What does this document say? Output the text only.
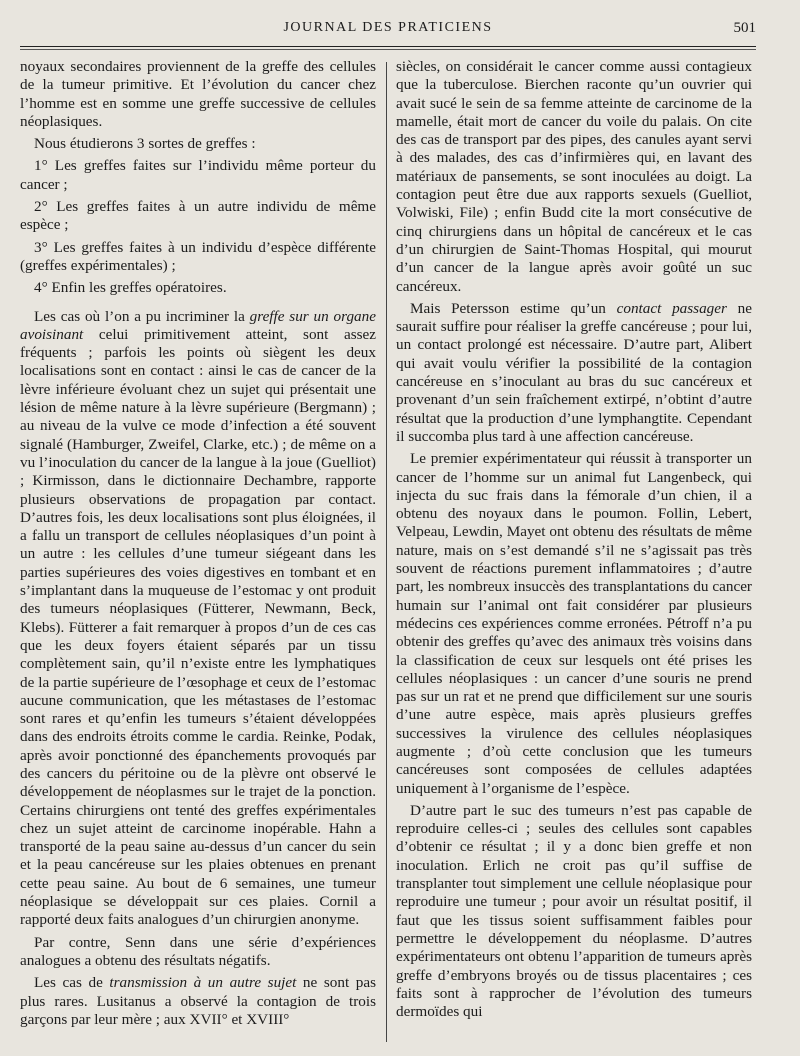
JOURNAL DES PRATICIENS	501

noyaux secondaires proviennent de la greffe des cellules de la tumeur primitive. Et l’évolution du cancer chez l’homme est en somme une greffe successive de cellules néoplasiques.

Nous étudierons 3 sortes de greffes :

1° Les greffes faites sur l’individu même porteur du cancer ;

2° Les greffes faites à un autre individu de même espèce ;

3° Les greffes faites à un individu d’espèce différente (greffes expérimentales) ;

4° Enfin les greffes opératoires.

Les cas où l’on a pu incriminer la greffe sur un organe avoisinant celui primitivement atteint, sont assez fréquents ; parfois les points où siègent les deux localisations sont en contact : ainsi le cas de cancer de la lèvre inférieure évoluant chez un sujet qui présentait une lésion de même nature à la lèvre supérieure (Bergmann) ; au niveau de la vulve ce mode d’infection a été souvent signalé (Hamburger, Zweifel, Clarke, etc.) ; de même on a vu l’inoculation du cancer de la langue à la joue (Guelliot) ; Kirmisson, dans le dictionnaire Dechambre, rapporte plusieurs observations de propagation par contact. D’autres fois, les deux localisations sont plus éloignées, il a fallu un transport de cellules néoplasiques d’un point à un autre : les cellules d’une tumeur siégeant dans les parties supérieures des voies digestives en tombant et en s’implantant dans la muqueuse de l’estomac y ont produit des tumeurs néoplasiques (Fütterer, Newmann, Beck, Klebs). Fütterer a fait remarquer à propos d’un de ces cas que les deux foyers étaient séparés par un tissu complètement sain, qu’il n’existe entre les lymphatiques de la partie supérieure de l’œsophage et ceux de l’estomac aucune communication, que les métastases de l’estomac sont rares et qu’enfin les tumeurs s’étaient développées dans des endroits étroits comme le cardia. Reinke, Podak, après avoir ponctionné des épanchements provoqués par des cancers du péritoine ou de la plèvre ont observé le développement de néoplasmes sur le trajet de la ponction. Certains chirurgiens ont tenté des greffes expérimentales chez un sujet atteint de carcinome inopérable. Hahn a transporté de la peau saine au-dessus d’un cancer du sein et la peau cancéreuse sur les plaies obtenues en prenant cette peau saine. Au bout de 6 semaines, une tumeur néoplasique se développait sur ces plaies. Cornil a rapporté deux faits analogues d’un chirurgien anonyme.

Par contre, Senn dans une série d’expériences analogues a obtenu des résultats négatifs.

Les cas de transmission à un autre sujet ne sont pas plus rares. Lusitanus a observé la contagion de trois garçons par leur mère ; aux XVII° et XVIII°

siècles, on considérait le cancer comme aussi contagieux que la tuberculose. Bierchen raconte qu’un ouvrier qui avait sucé le sein de sa femme atteinte de carcinome de la mamelle, était mort de cancer du voile du palais. On cite des cas de transport par des pipes, des canules ayant servi à des malades, des cas d’infirmières qui, en lavant des matériaux de pansements, se sont inoculées au doigt. La contagion peut être due aux rapports sexuels (Guelliot, Volwiski, File) ; enfin Budd cite la mort consécutive de cinq chirurgiens dans un hôpital de cancéreux et le cas d’un chirurgien de Saint-Thomas Hospital, qui mourut d’un cancer de la langue après avoir goûté un suc cancéreux.

Mais Petersson estime qu’un contact passager ne saurait suffire pour réaliser la greffe cancéreuse ; pour lui, un contact prolongé est nécessaire. D’autre part, Alibert qui avait voulu vérifier la possibilité de la contagion cancéreuse en s’inoculant au bras du suc cancéreux et provenant d’un sein fraîchement extirpé, n’obtint d’autre résultat que la production d’une lymphangtite. Cependant il succomba plus tard à une affection cancéreuse.

Le premier expérimentateur qui réussit à transporter un cancer de l’homme sur un animal fut Langenbeck, qui injecta du suc frais dans la fémorale d’un chien, il a obtenu des noyaux dans le poumon. Follin, Lebert, Velpeau, Lewdin, Mayet ont obtenu des résultats de même nature, mais on s’est demandé s’il ne s’agissait pas très souvent de réactions purement inflammatoires ; d’autre part, les nombreux insuccès des transplantations du cancer humain sur l’animal ont fait considérer par plusieurs médecins ces expériences comme erronées. Pétroff n’a pu obtenir des greffes qu’avec des animaux très voisins dans la classification de ceux sur lesquels ont été prises les cellules néoplasiques : un cancer d’une souris ne prend pas sur un rat et ne prend que difficilement sur une souris d’une autre espèce, mais après plusieurs greffes successives la virulence des cellules néoplasiques augmente ; d’où cette conclusion que les tumeurs cancéreuses sont composées de cellules adaptées uniquement à l’organisme de l’espèce.

D’autre part le suc des tumeurs n’est pas capable de reproduire celles-ci ; seules des cellules sont capables d’obtenir ce résultat ; il y a donc bien greffe et non inoculation. Erlich ne croit pas qu’il suffise de transplanter tout simplement une cellule néoplasique pour reproduire une tumeur ; pour avoir un résultat positif, il faut que les tissus soient suffisamment faibles pour permettre le développement du néoplasme. D’autres expérimentateurs ont obtenu l’apparition de tumeurs après greffe d’embryons broyés ou de tissus placentaires ; ces faits sont à rapprocher de l’évolution des tumeurs dermoïdes qui
